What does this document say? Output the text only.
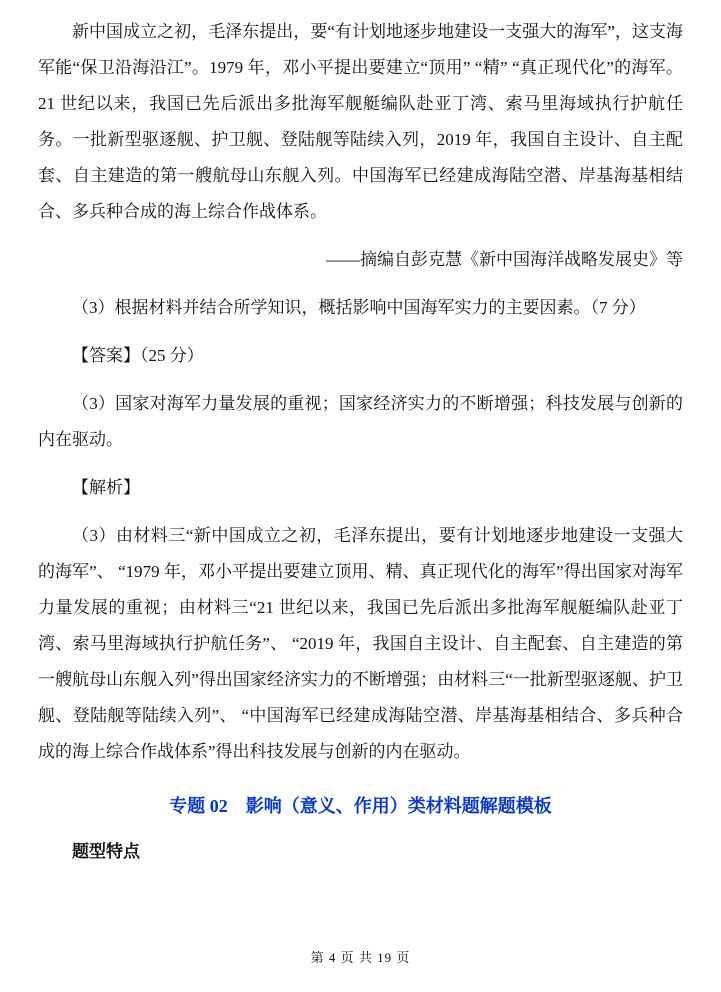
新中国成立之初，毛泽东提出，要“有计划地逐步地建设一支强大的海军”，这支海军能“保卫沿海沿江”。1979 年，邓小平提出要建立“顶用” “精” “真正现代化”的海军。21 世纪以来，我国已先后派出多批海军舰艇编队赴亚丁湾、索马里海域执行护航任务。一批新型驱逐舰、护卫舰、登陆舰等陆续入列，2019 年，我国自主设计、自主配套、自主建造的第一艘航母山东舰入列。中国海军已经建成海陆空潜、岸基海基相结合、多兵种合成的海上综合作战体系。

——摘编自彭克慧《新中国海洋战略发展史》等

（3）根据材料并结合所学知识，概括影响中国海军实力的主要因素。（7 分）

【答案】（25 分）

（3）国家对海军力量发展的重视；国家经济实力的不断增强；科技发展与创新的内在驱动。

【解析】

（3）由材料三“新中国成立之初，毛泽东提出，要有计划地逐步地建设一支强大的海军”、 “1979 年，邓小平提出要建立顶用、精、真正现代化的海军”得出国家对海军力量发展的重视；由材料三“21 世纪以来，我国已先后派出多批海军舰艇编队赴亚丁湾、索马里海域执行护航任务”、 “2019 年，我国自主设计、自主配套、自主建造的第一艘航母山东舰入列”得出国家经济实力的不断增强；由材料三“一批新型驱逐舰、护卫舰、登陆舰等陆续入列”、 “中国海军已经建成海陆空潜、岸基海基相结合、多兵种合成的海上综合作战体系”得出科技发展与创新的内在驱动。

专题 02　影响（意义、作用）类材料题解题模板

题型特点

第 4 页 共 19 页
